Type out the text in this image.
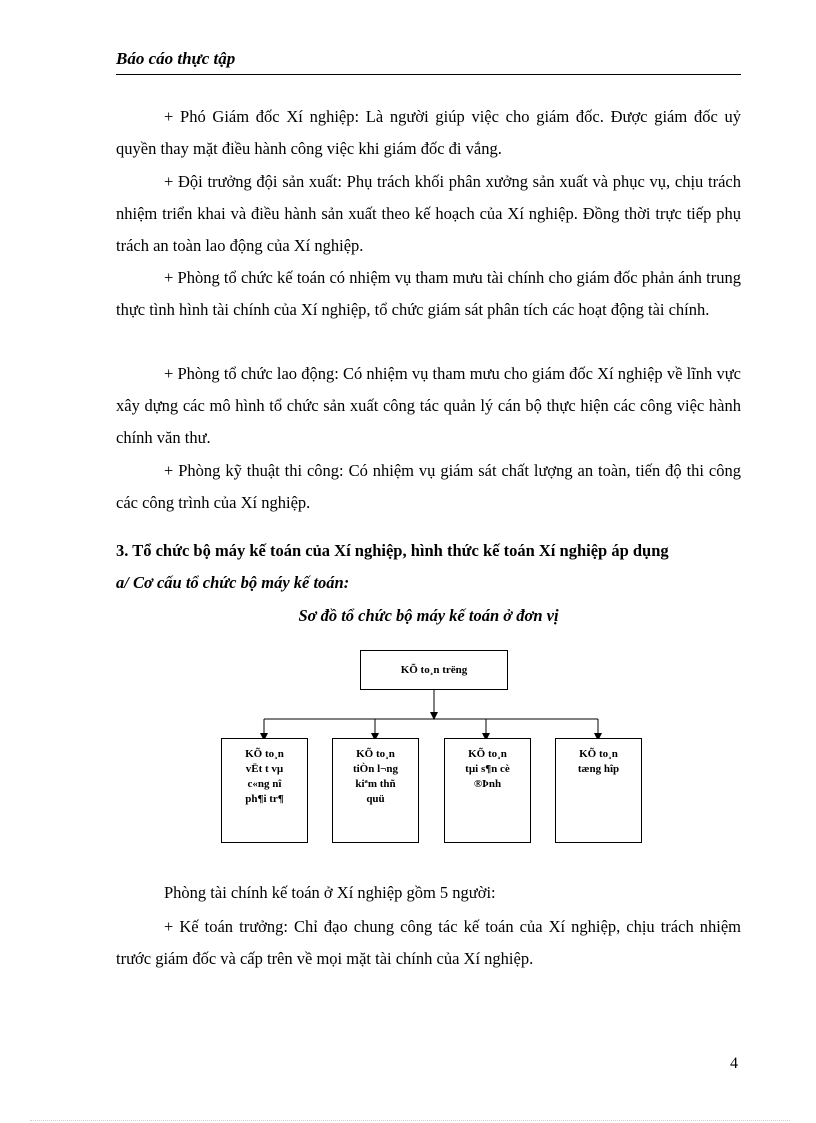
Báo cáo thực tập

+ Phó Giám đốc Xí nghiệp: Là người giúp việc cho giám đốc. Được giám đốc uỷ quyền thay mặt điều hành công việc khi giám đốc đi vắng.

+ Đội trưởng đội sản xuất: Phụ trách khối phân xưởng sản xuất và phục vụ, chịu trách nhiệm triển khai và điều hành sản xuất theo kế hoạch của Xí nghiệp. Đồng thời trực tiếp phụ trách an toàn lao động của Xí nghiệp.

+ Phòng tổ chức kế toán có nhiệm vụ tham mưu tài chính cho giám đốc phản ánh trung thực tình hình tài chính của Xí nghiệp, tổ chức giám sát phân tích các hoạt động tài chính.

+ Phòng tổ chức lao động: Có nhiệm vụ tham mưu cho giám đốc Xí nghiệp về lĩnh vực xây dựng các mô hình tổ chức sản xuất công tác quản lý cán bộ thực hiện các công việc hành chính văn thư.

+ Phòng kỹ thuật thi công: Có nhiệm vụ giám sát chất lượng an toàn, tiến độ thi công các công trình của Xí nghiệp.

3. Tổ chức bộ máy kế toán của Xí nghiệp, hình thức kế toán Xí nghiệp áp dụng
a/ Cơ cấu tổ chức bộ máy kế toán:
Sơ đồ tổ chức bộ máy kế toán ở đơn vị
KÕ to¸n trëng
KÕ to¸n
vËt t vµ
c«ng nî
ph¶i tr¶
KÕ to¸n
tiÒn l¬ng
kiªm thñ
quü
KÕ to¸n
tµi s¶n cè
®Þnh
KÕ to¸n
tæng hîp
Phòng tài chính kế toán ở Xí nghiệp gồm 5 người:

+ Kế toán trưởng: Chỉ đạo chung công tác kế toán của Xí nghiệp, chịu trách nhiệm trước giám đốc và cấp trên về mọi mặt tài chính của Xí nghiệp.

4
